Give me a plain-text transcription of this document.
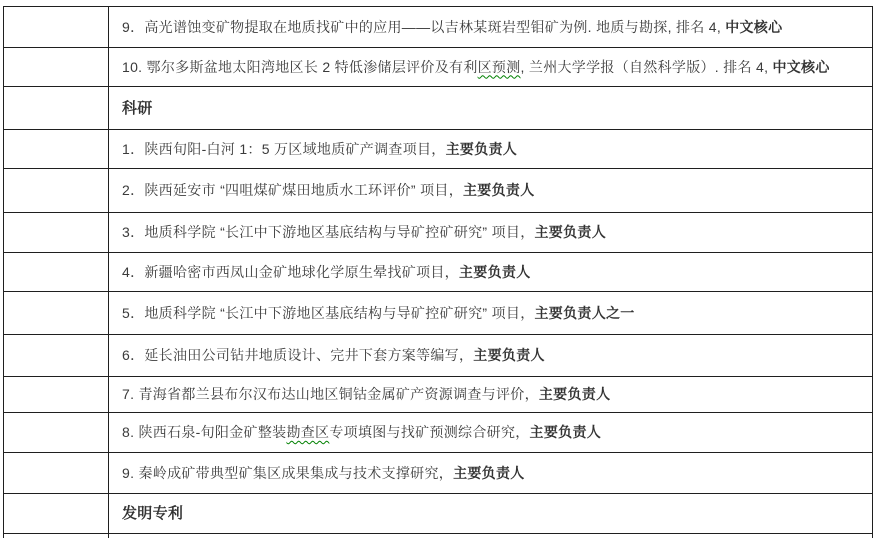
9．高光谱蚀变矿物提取在地质找矿中的应用——以吉林某斑岩型钼矿为例. 地质与勘探, 排名 4, 中文核心
10. 鄂尔多斯盆地太阳湾地区长 2 特低渗储层评价及有利区预测, 兰州大学学报（自然科学版）. 排名 4, 中文核心
科研
1．陕西旬阳-白河 1：5 万区域地质矿产调查项目，主要负责人
2．陕西延安市 “四咀煤矿煤田地质水工环评价” 项目，主要负责人
3．地质科学院 “长江中下游地区基底结构与导矿控矿研究” 项目，主要负责人
4．新疆哈密市西凤山金矿地球化学原生晕找矿项目，主要负责人
5．地质科学院 “长江中下游地区基底结构与导矿控矿研究” 项目，主要负责人之一
6．延长油田公司钻井地质设计、完井下套方案等编写，主要负责人
7. 青海省都兰县布尔汉布达山地区铜钴金属矿产资源调查与评价，主要负责人
8. 陕西石泉-旬阳金矿整装勘查区专项填图与找矿预测综合研究，主要负责人
9. 秦岭成矿带典型矿集区成果集成与技术支撑研究，主要负责人
发明专利
